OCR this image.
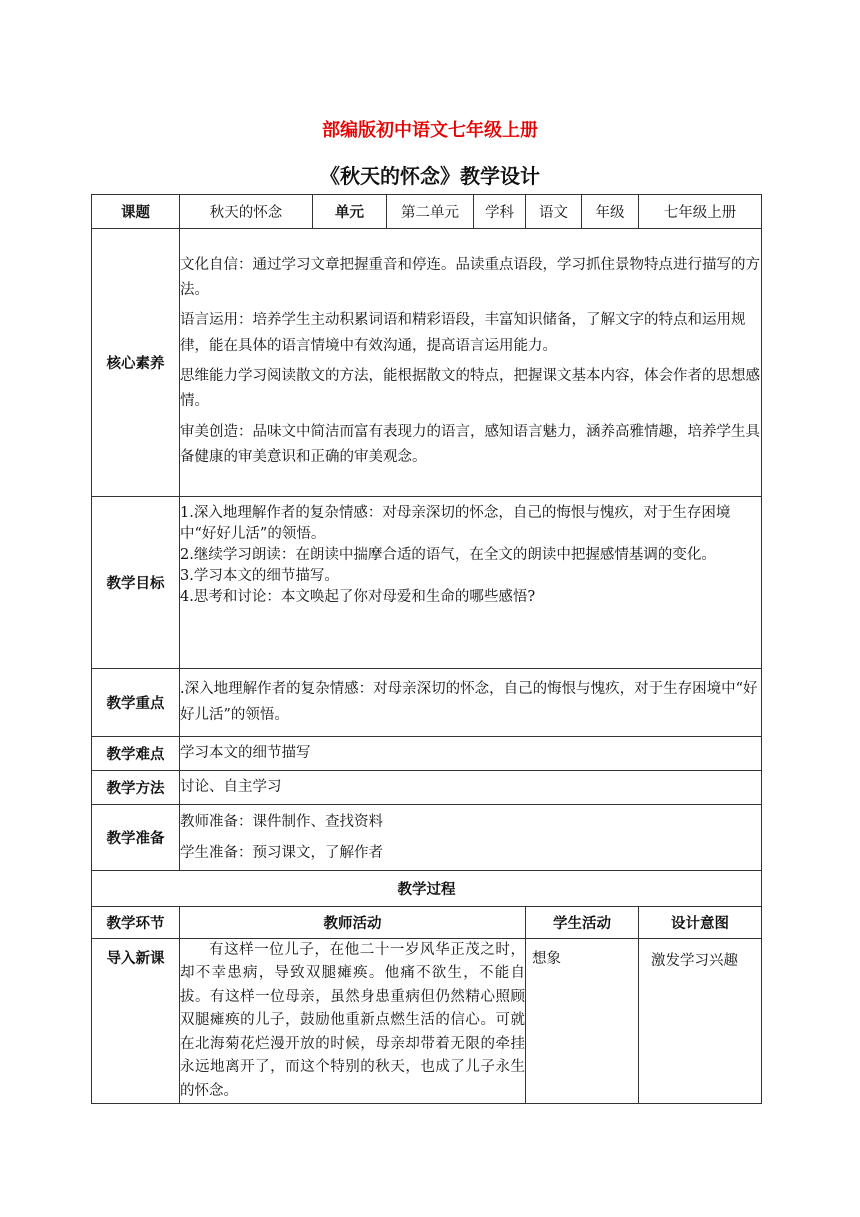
部编版初中语文七年级上册
《秋天的怀念》教学设计
课题	秋天的怀念	单元	第二单元	学科	语文	年级	七年级上册
核心素养	文化自信：通过学习文章把握重音和停连。品读重点语段，学习抓住景物特点进行描写的方法。

语言运用：培养学生主动积累词语和精彩语段，丰富知识储备，了解文字的特点和运用规律，能在具体的语言情境中有效沟通，提高语言运用能力。

思维能力学习阅读散文的方法，能根据散文的特点，把握课文基本内容，体会作者的思想感情。

审美创造：品味文中简洁而富有表现力的语言，感知语言魅力，涵养高雅情趣，培养学生具备健康的审美意识和正确的审美观念。						

教学目标	1.深入地理解作者的复杂情感：对母亲深切的怀念，自己的悔恨与愧疚，对于生存困境中“好好儿活”的领悟。
2.继续学习朗读：在朗读中揣摩合适的语气，在全文的朗读中把握感情基调的变化。
3.学习本文的细节描写。
4.思考和讨论：本文唤起了你对母爱和生命的哪些感悟?						

教学重点	.深入地理解作者的复杂情感：对母亲深切的怀念，自己的悔恨与愧疚，对于生存困境中“好好儿活”的领悟。						
教学难点	学习本文的细节描写						
教学方法	讨论、自主学习						
教学准备	教师准备：课件制作、查找资料
学生准备：预习课文，了解作者						

教学过程							
教学环节	教师活动				学生活动		设计意图
导入新课	有这样一位儿子，在他二十一岁风华正茂之时，却不幸患病，导致双腿瘫痪。他痛不欲生，不能自拔。有这样一位母亲，虽然身患重病但仍然精心照顾双腿瘫痪的儿子，鼓励他重新点燃生活的信心。可就在北海菊花烂漫开放的时候，母亲却带着无限的牵挂永远地离开了，而这个特别的秋天，也成了儿子永生的怀念。				想象		激发学习兴趣
